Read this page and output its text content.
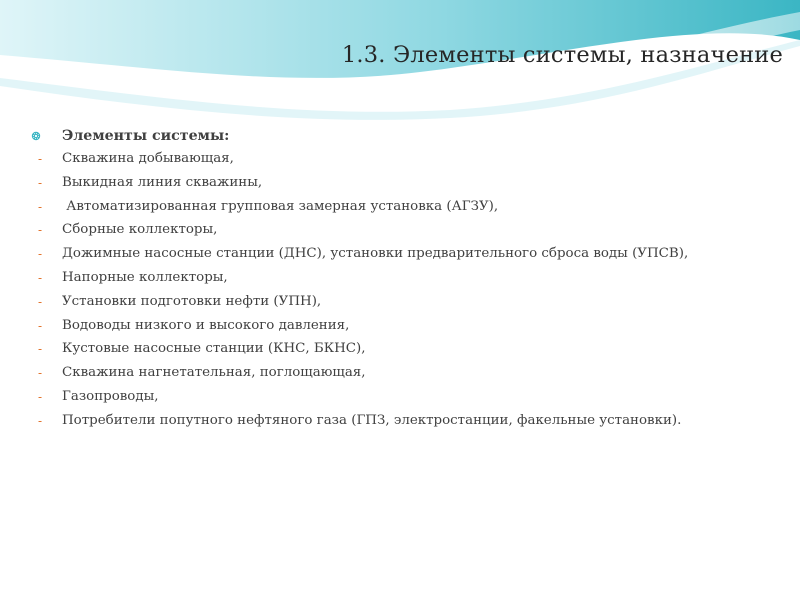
1.3. Элементы системы, назначение
Элементы системы:
- Скважина добывающая,
- Выкидная линия скважины,
- Автоматизированная групповая замерная установка (АГЗУ),
- Сборные коллекторы,
- Дожимные насосные станции (ДНС), установки предварительного сброса воды (УПСВ),
- Напорные коллекторы,
- Установки подготовки нефти (УПН),
- Водоводы низкого и высокого давления,
- Кустовые насосные станции (КНС, БКНС),
- Скважина нагнетательная, поглощающая,
- Газопроводы,
- Потребители попутного нефтяного газа (ГПЗ, электростанции, факельные установки).
